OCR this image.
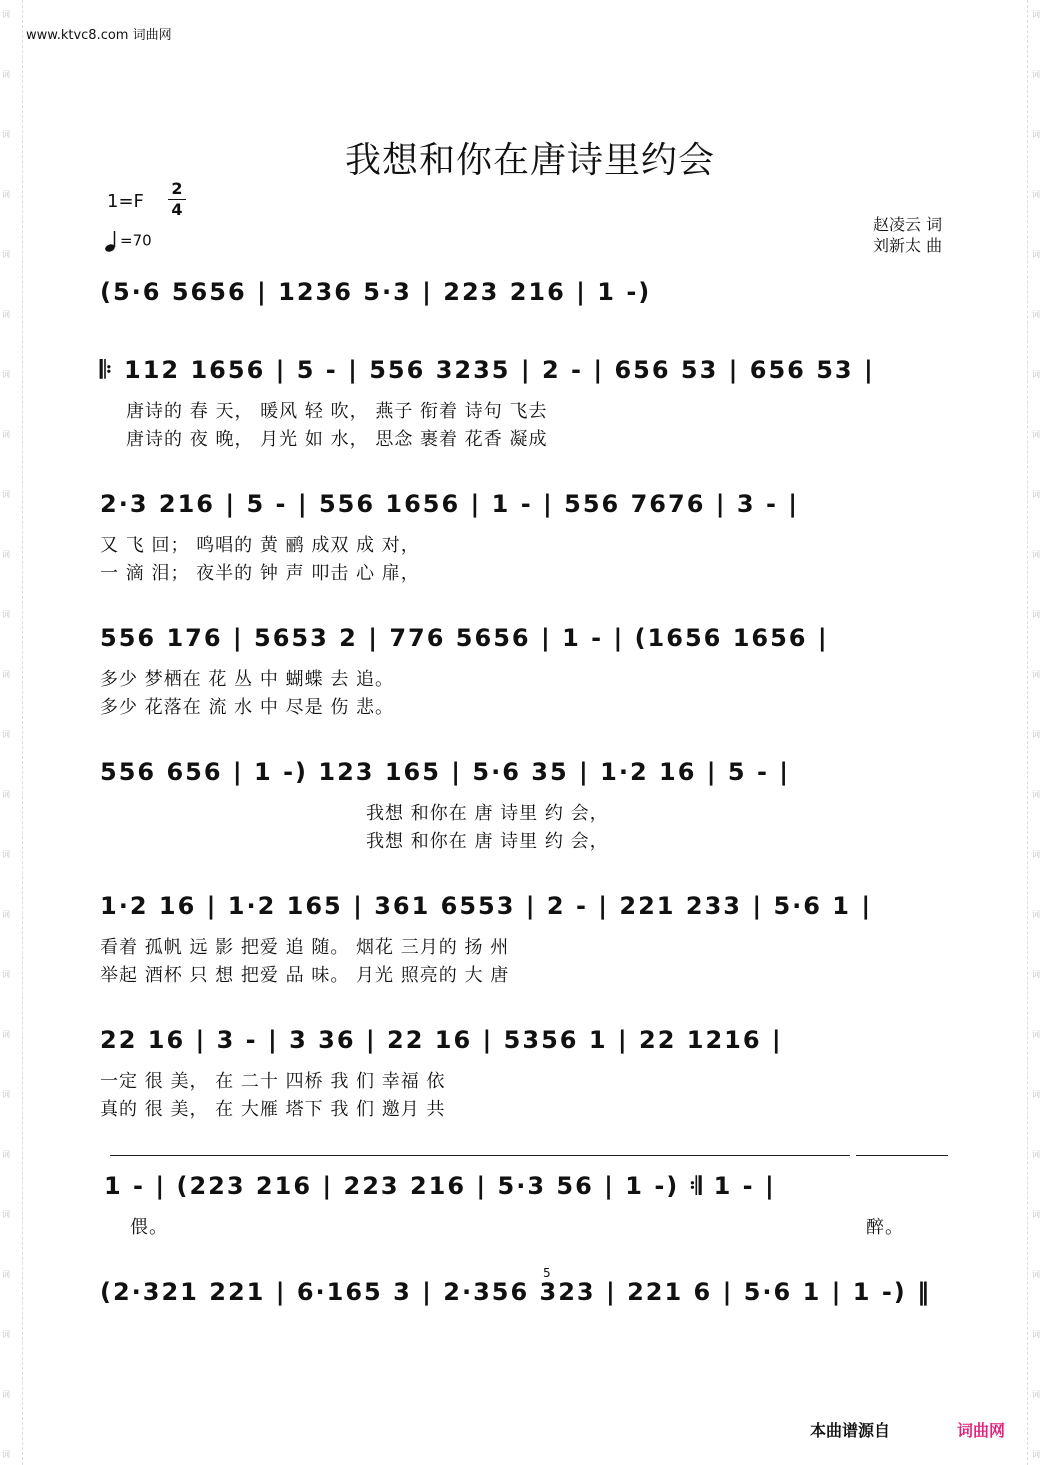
词
词
词
词
词
词
词
词
词
词
词
词
词
词
词
词
词
词
词
词
词
词
词
词
词
词
词
词
词
词
词
词
词
词
词
词
词
词
词
词
词
词
词
词
词
词
词
词
词
词
www.ktvc8.com 词曲网
我想和你在唐诗里约会
1=F
2
4
=70
赵凌云 词
刘新太 曲
(5·6 5656 | 1236 5·3 | 223 216 | 1 -)
𝄆 112 1656 | 5 - | 556 3235 | 2 - | 656 53 | 656 53 |
唐诗的 春 天， 暖风 轻 吹， 燕子 衔着 诗句 飞去
唐诗的 夜 晚， 月光 如 水， 思念 裹着 花香 凝成
2·3 216 | 5 - | 556 1656 | 1 - | 556 7676 | 3 - |
又 飞 回； 鸣唱的 黄 鹂 成双 成 对，
一 滴 泪； 夜半的 钟 声 叩击 心 扉，
556 176 | 5653 2 | 776 5656 | 1 - | (1656 1656 |
多少 梦栖在 花 丛 中 蝴蝶 去 追。
多少 花落在 流 水 中 尽是 伤 悲。
556 656 | 1 -) 123 165 | 5·6 35 | 1·2 16 | 5 - |
我想 和你在 唐 诗里 约 会，
我想 和你在 唐 诗里 约 会，
1·2 16 | 1·2 165 | 361 6553 | 2 - | 221 233 | 5·6 1 |
看着 孤帆 远 影 把爱 追 随。 烟花 三月的 扬 州
举起 酒杯 只 想 把爱 品 味。 月光 照亮的 大 唐
22 16 | 3 - | 3 36 | 22 16 | 5356 1 | 22 1216 |
一定 很 美， 在 二十 四桥 我 们 幸福 依
真的 很 美， 在 大雁 塔下 我 们 邀月 共
1 - | (223 216 | 223 216 | 5·3 56 | 1 -) 𝄇 1 - |
偎。	醉。
5
(2·321 221 | 6·165 3 | 2·356 323 | 221 6 | 5·6 1 | 1 -) ‖
本曲谱源自	词曲网
